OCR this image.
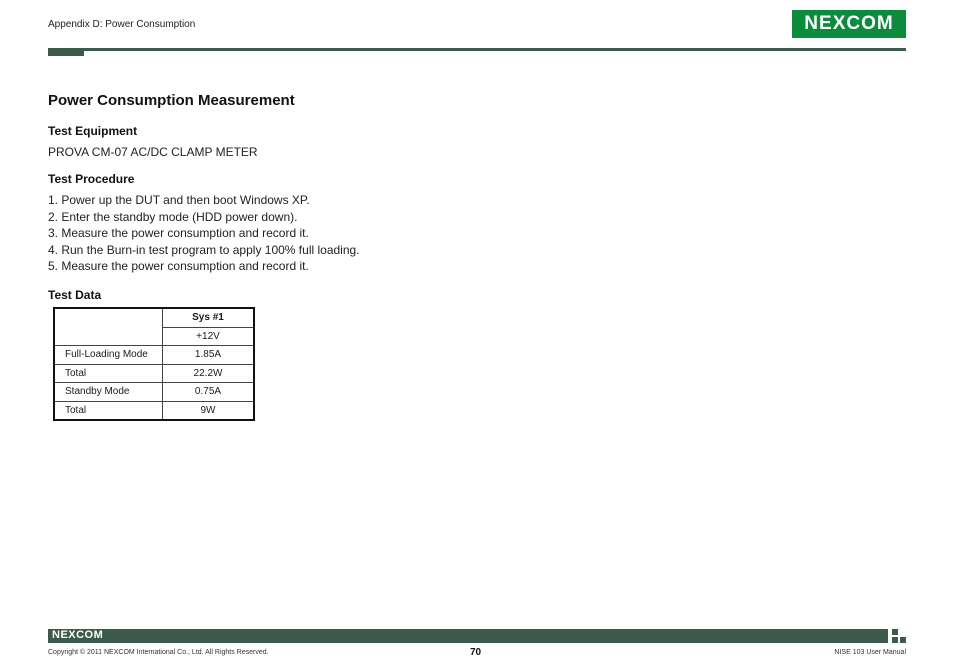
Appendix D: Power Consumption	NEXCOM
Power Consumption Measurement
Test Equipment
PROVA CM-07 AC/DC CLAMP METER
Test Procedure
1. Power up the DUT and then boot Windows XP.
2. Enter the standby mode (HDD power down).
3. Measure the power consumption and record it.
4. Run the Burn-in test program to apply 100% full loading.
5. Measure the power consumption and record it.
Test Data
	Sys #1
	+12V
Full-Loading Mode	1.85A
Total	22.2W
Standby Mode	0.75A
Total	9W
NEXCOM
Copyright © 2011 NEXCOM International Co., Ltd. All Rights Reserved.	70	NISE 103 User Manual
